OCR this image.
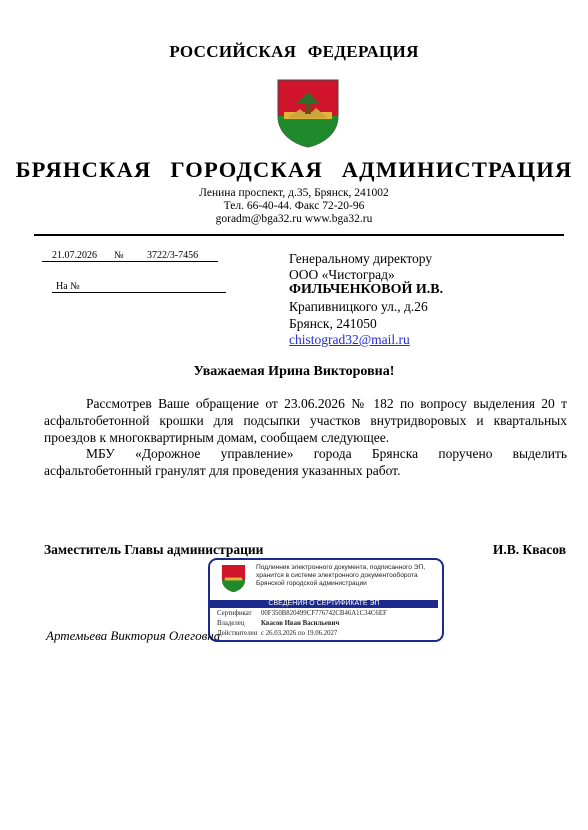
РОССИЙСКАЯ ФЕДЕРАЦИЯ
БРЯНСКАЯ ГОРОДСКАЯ АДМИНИСТРАЦИЯ
Ленина проспект, д.35, Брянск, 241002
Тел. 66-40-44. Факс 72-20-96
goradm@bga32.ru www.bga32.ru
21.07.2026 № 3722/3-7456
На №
Генеральному директору
ООО «Чистоград»
ФИЛЬЧЕНКОВОЙ И.В.
Крапивницкого ул., д.26
Брянск, 241050
chistograd32@mail.ru
Уважаемая Ирина Викторовна!
Рассмотрев Ваше обращение от 23.06.2026 № 182 по вопросу выделения 20 т асфальтобетонной крошки для подсыпки участков внутридворовых и квартальных проездов к многоквартирным домам, сообщаем следующее.
МБУ «Дорожное управление» города Брянска поручено выделить асфальтобетонный гранулят для проведения указанных работ.
Заместитель Главы администрации	И.В. Квасов
Подлинник электронного документа, подписанного ЭП, хранится в системе электронного документооборота Брянской городской администрации
СВЕДЕНИЯ О СЕРТИФИКАТЕ ЭП
Сертификат 00F350B820499CF776742CB46A1C34C6EF
Владелец Квасов Иван Васильевич
Действителен с 26.03.2026 по 19.06.2027
Артемьева Виктория Олеговна
